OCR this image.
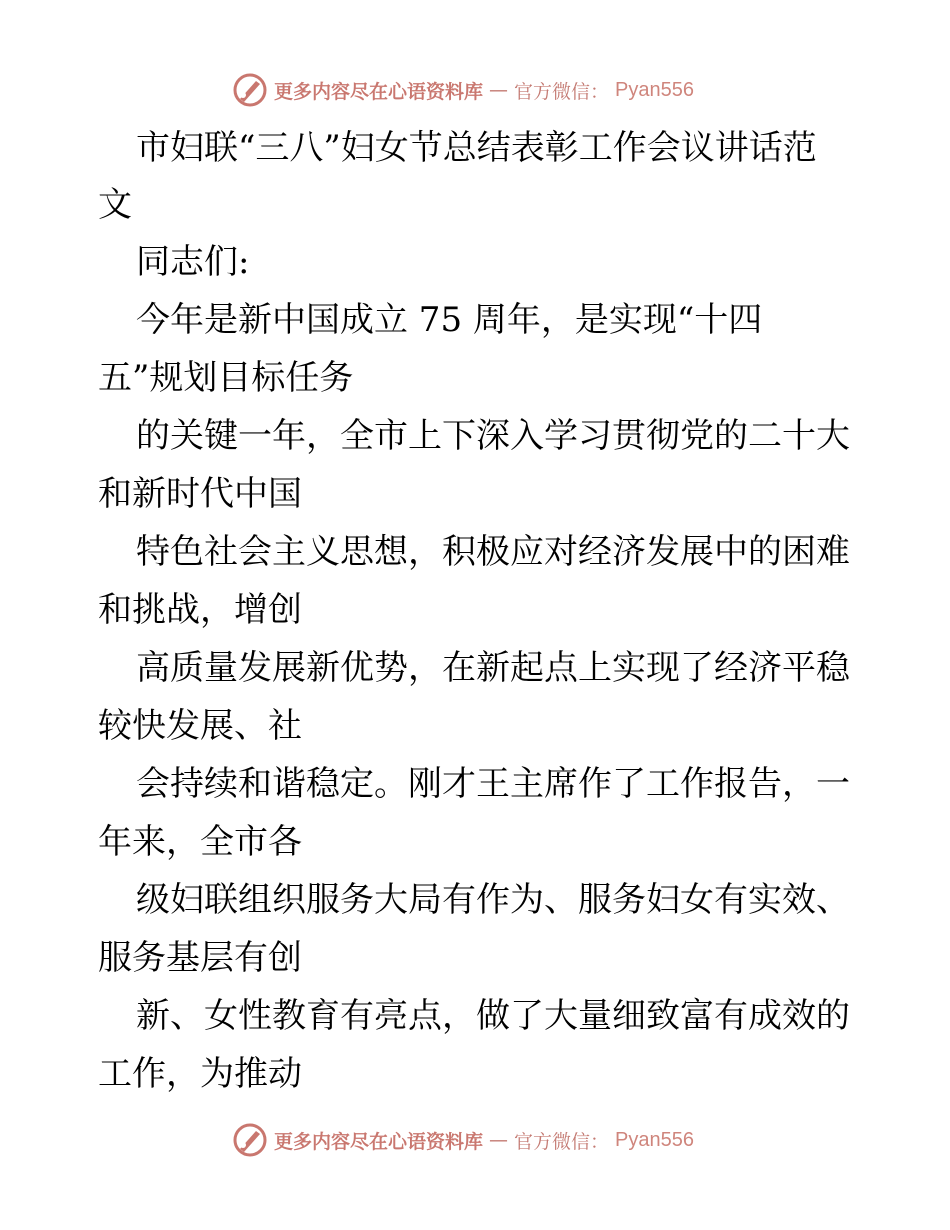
更多内容尽在心语资料库 — 官方微信： Pyan556
市妇联“三八”妇女节总结表彰工作会议讲话范
文
同志们:
今年是新中国成立 75 周年，是实现“十四
五”规划目标任务
的关键一年，全市上下深入学习贯彻党的二十大
和新时代中国
特色社会主义思想，积极应对经济发展中的困难
和挑战，增创
高质量发展新优势，在新起点上实现了经济平稳
较快发展、社
会持续和谐稳定。刚才王主席作了工作报告，一
年来，全市各
级妇联组织服务大局有作为、服务妇女有实效、
服务基层有创
新、女性教育有亮点，做了大量细致富有成效的
工作，为推动
更多内容尽在心语资料库 — 官方微信： Pyan556
